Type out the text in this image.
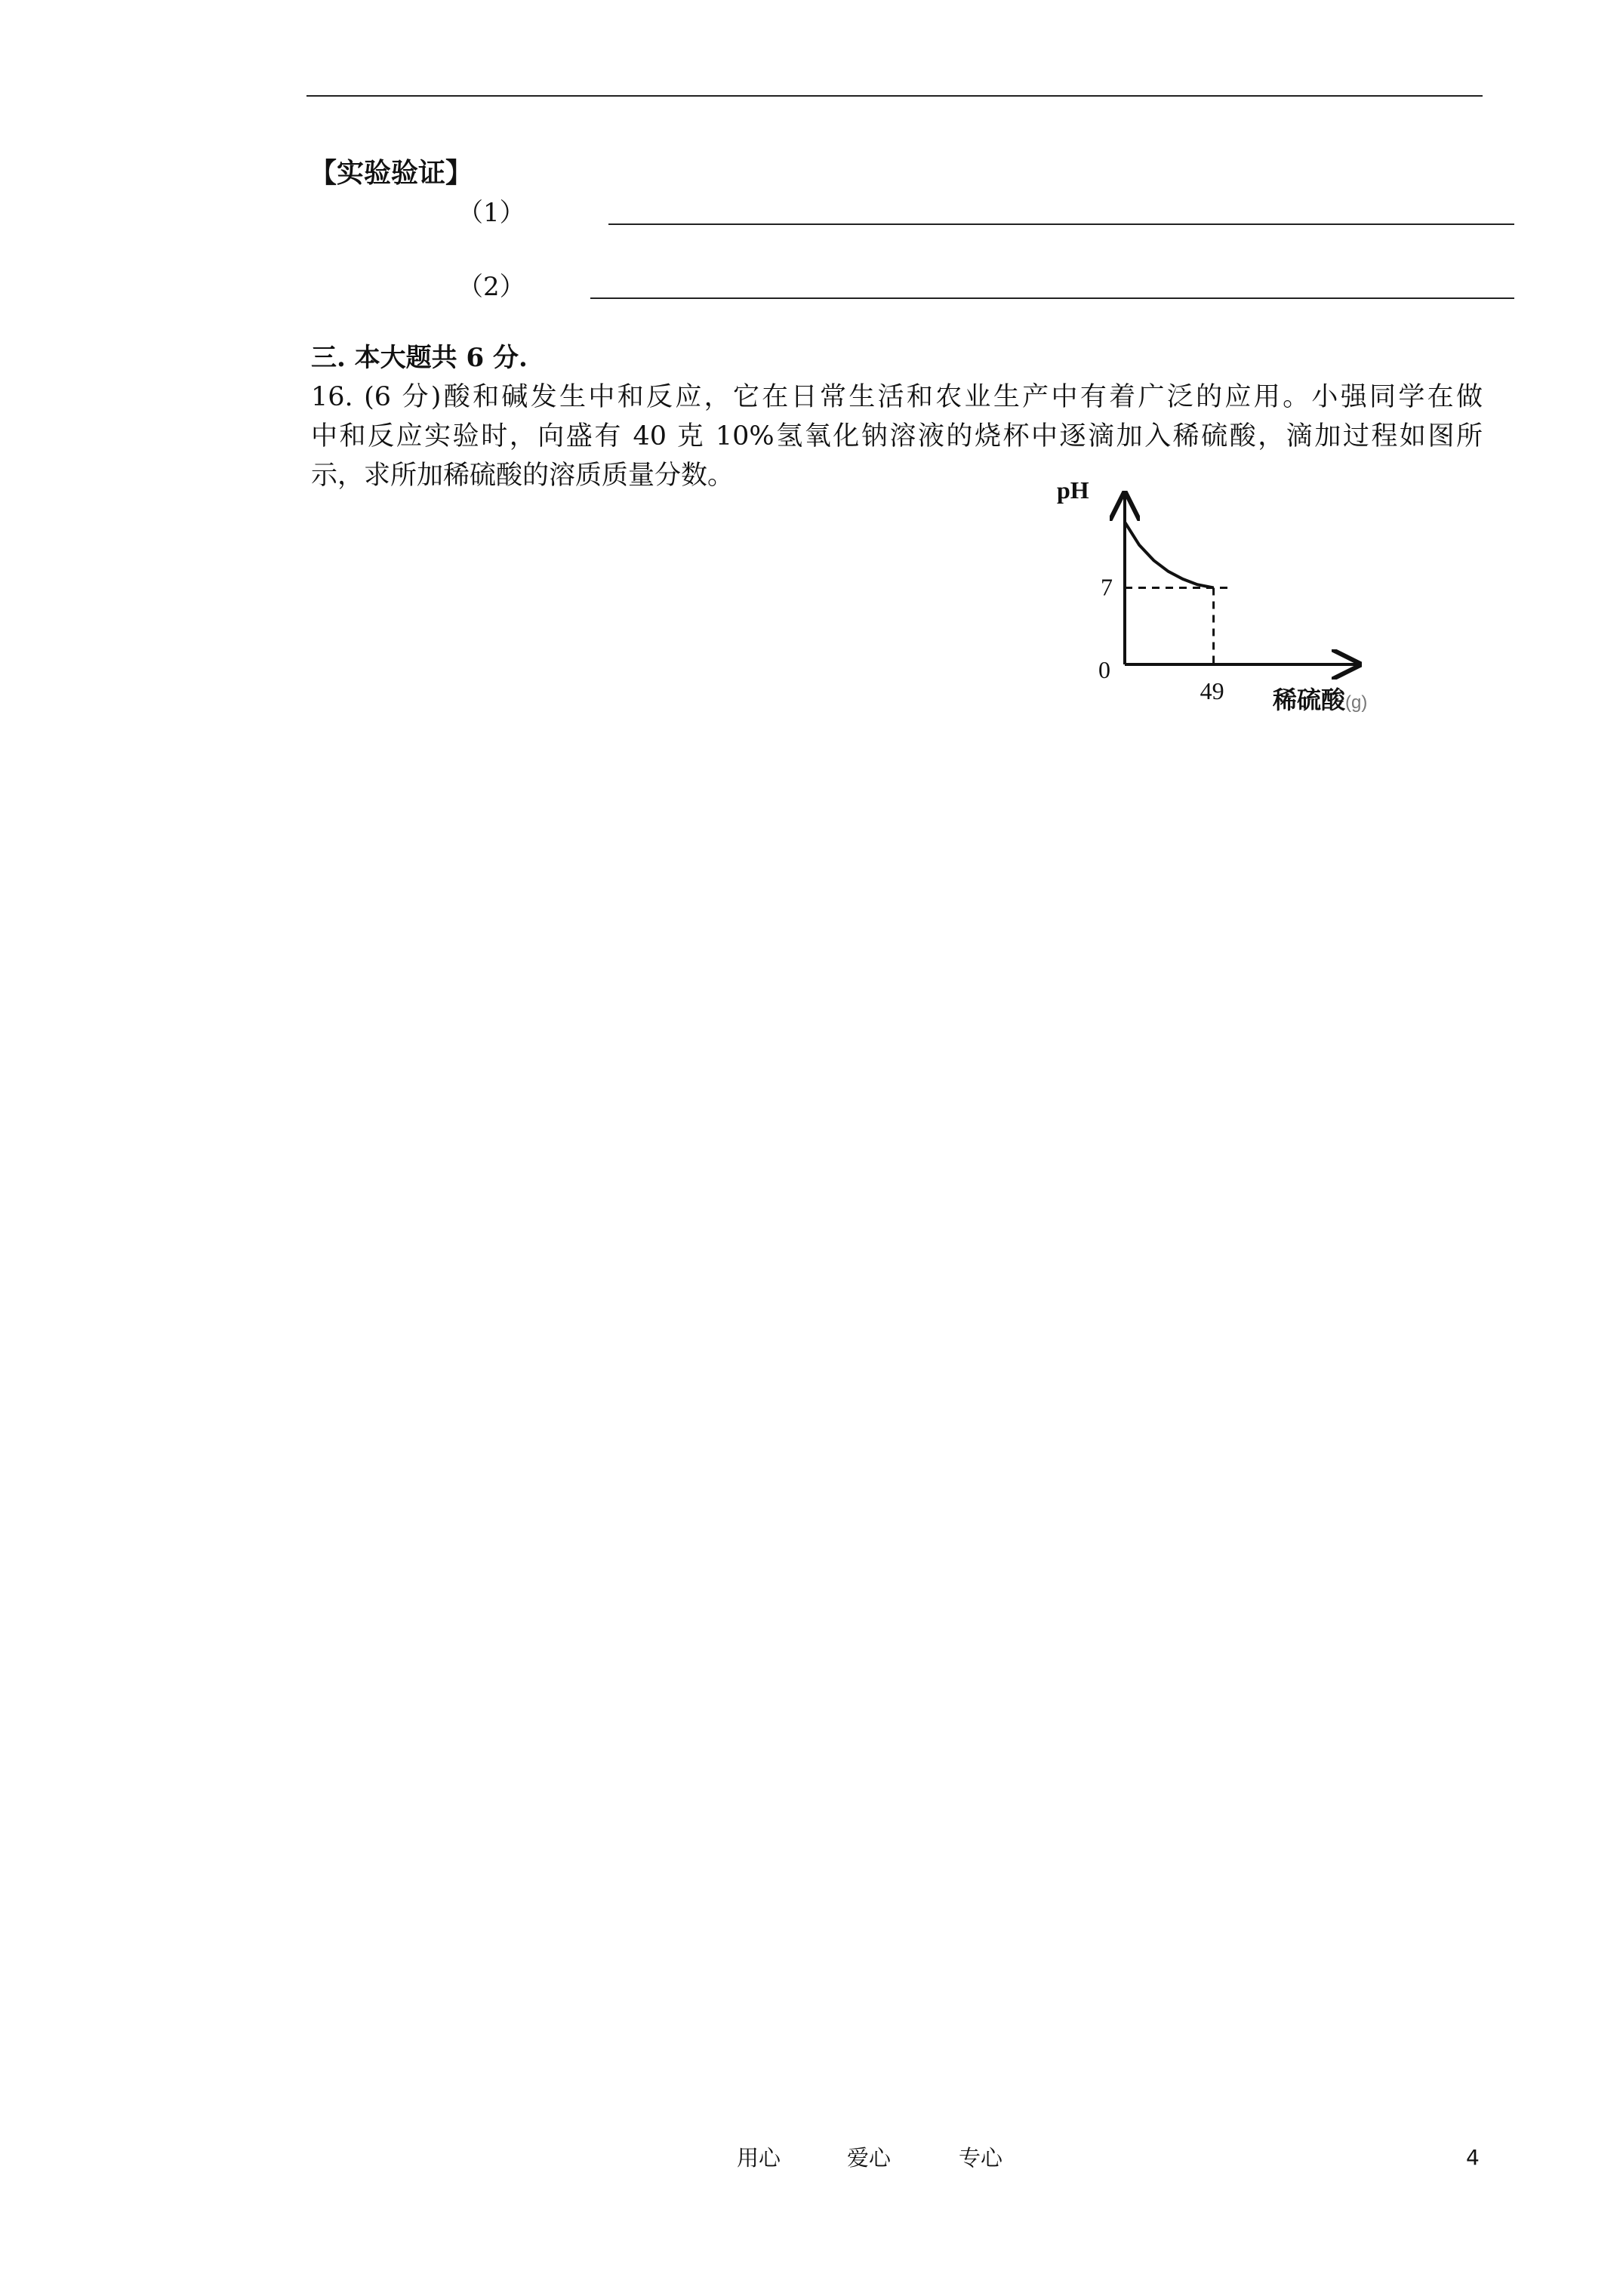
【实验验证】
（1）
（2）
三. 本大题共 6 分.
16. (6 分)酸和碱发生中和反应，它在日常生活和农业生产中有着广泛的应用。小强同学在做
中和反应实验时，向盛有 40 克 10%氢氧化钠溶液的烧杯中逐滴加入稀硫酸，滴加过程如图所
示，求所加稀硫酸的溶质质量分数。	pH
7
0
49 稀硫酸(g)
用心	爱心	专心	4
